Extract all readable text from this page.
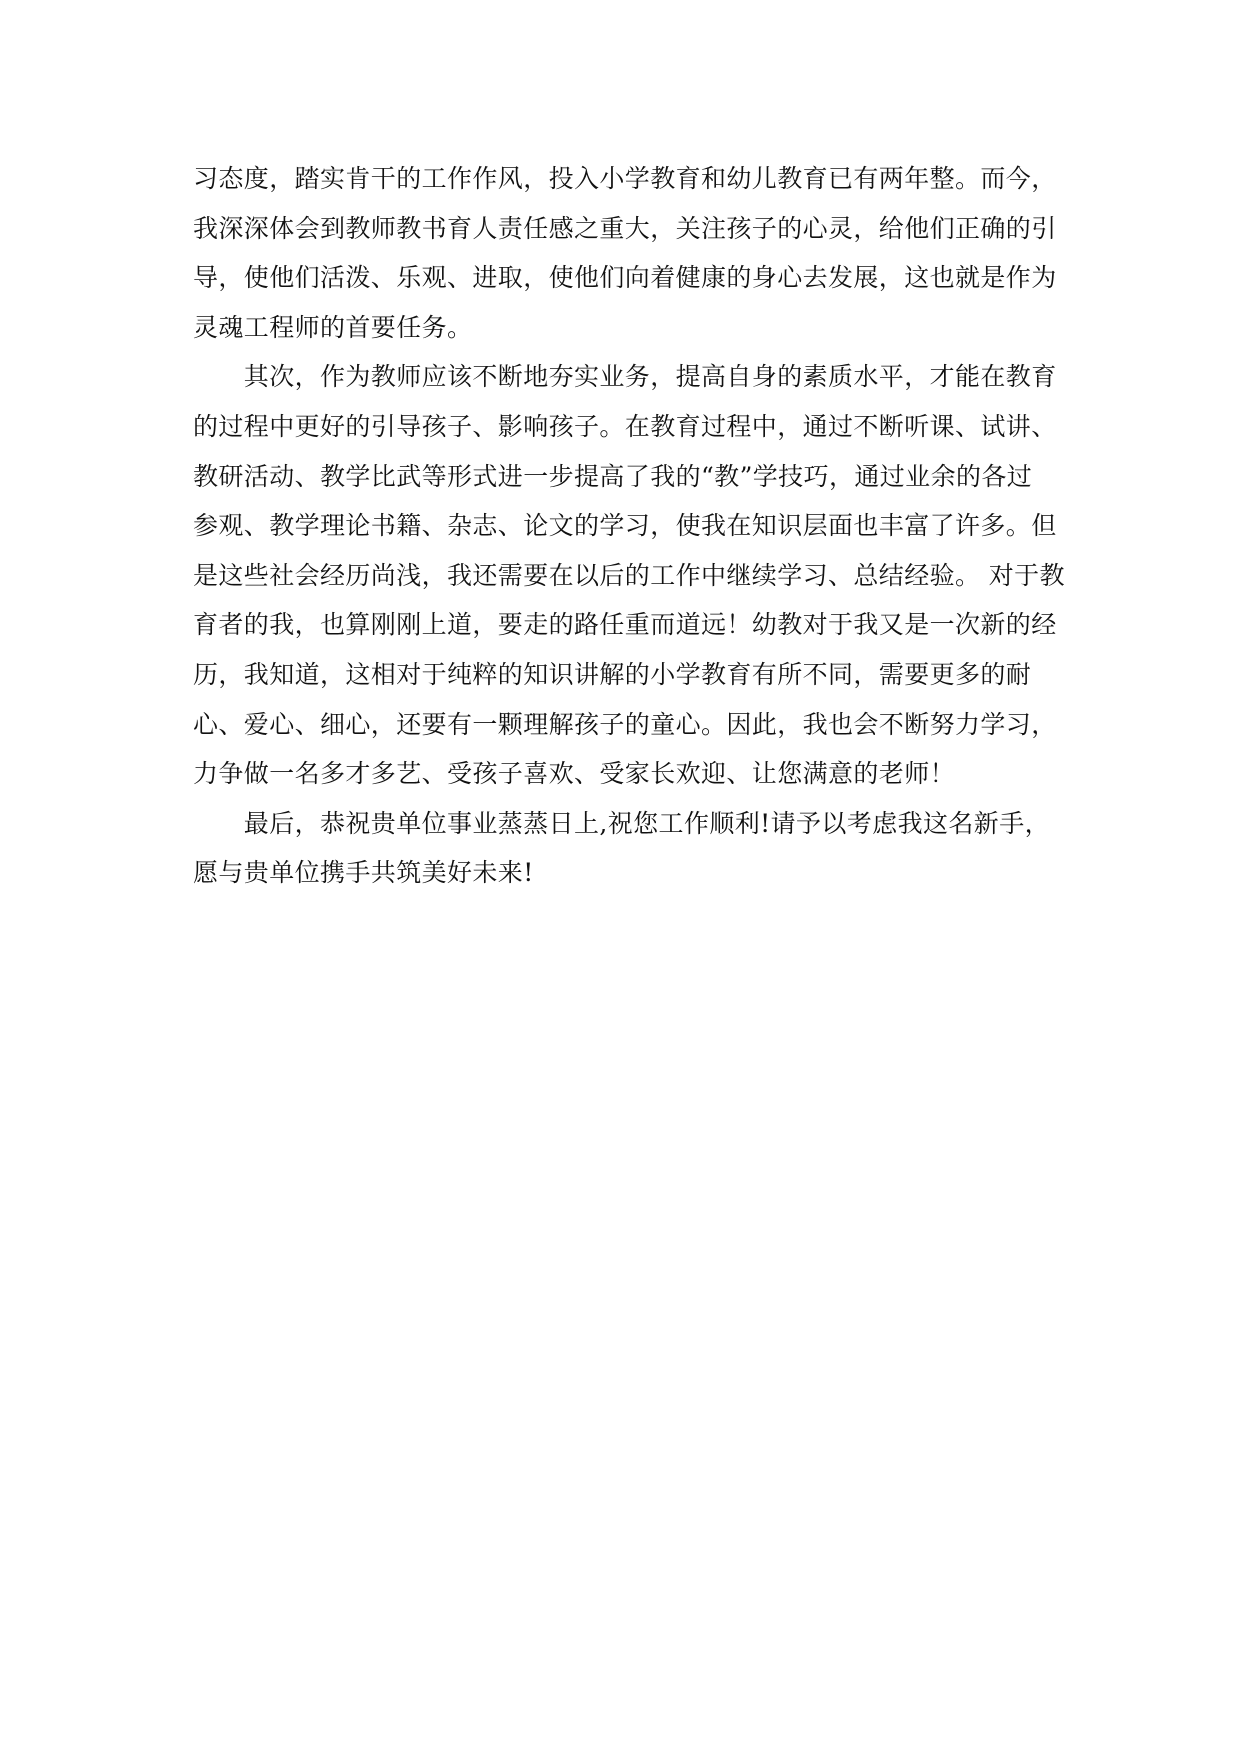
习态度，踏实肯干的工作作风，投入小学教育和幼儿教育已有两年整。而今，
我深深体会到教师教书育人责任感之重大，关注孩子的心灵，给他们正确的引
导，使他们活泼、乐观、进取，使他们向着健康的身心去发展，这也就是作为
灵魂工程师的首要任务。
　　其次，作为教师应该不断地夯实业务，提高自身的素质水平，才能在教育
的过程中更好的引导孩子、影响孩子。在教育过程中，通过不断听课、试讲、
教研活动、教学比武等形式进一步提高了我的“教”学技巧，通过业余的各过
参观、教学理论书籍、杂志、论文的学习，使我在知识层面也丰富了许多。但
是这些社会经历尚浅，我还需要在以后的工作中继续学习、总结经验。 对于教
育者的我，也算刚刚上道，要走的路任重而道远！幼教对于我又是一次新的经
历，我知道，这相对于纯粹的知识讲解的小学教育有所不同，需要更多的耐
心、爱心、细心，还要有一颗理解孩子的童心。因此，我也会不断努力学习，
力争做一名多才多艺、受孩子喜欢、受家长欢迎、让您满意的老师！
　　最后，恭祝贵单位事业蒸蒸日上,祝您工作顺利!请予以考虑我这名新手，
愿与贵单位携手共筑美好未来!
